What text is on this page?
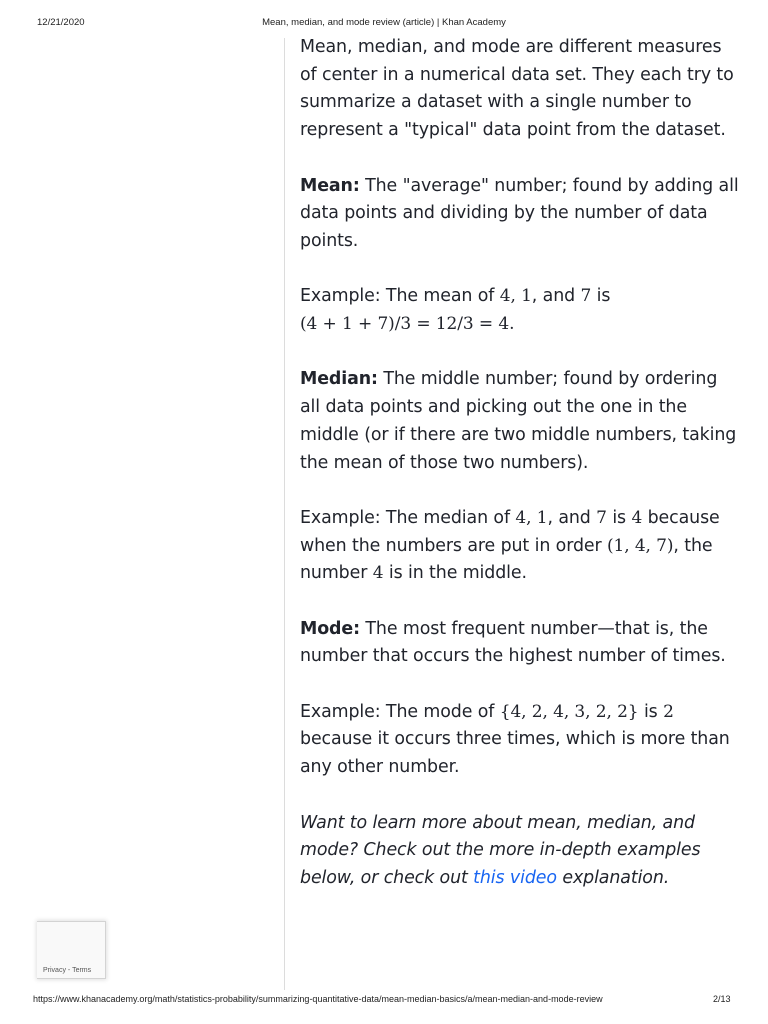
12/21/2020	Mean, median, and mode review (article) | Khan Academy

Mean, median, and mode are different measures of center in a numerical data set. They each try to summarize a dataset with a single number to represent a "typical" data point from the dataset.

Mean: The "average" number; found by adding all data points and dividing by the number of data points.

Example: The mean of 4, 1, and 7 is
(4 + 1 + 7)/3 = 12/3 = 4.

Median: The middle number; found by ordering all data points and picking out the one in the middle (or if there are two middle numbers, taking the mean of those two numbers).

Example: The median of 4, 1, and 7 is 4 because when the numbers are put in order (1, 4, 7), the number 4 is in the middle.

Mode: The most frequent number—that is, the number that occurs the highest number of times.

Example: The mode of {4, 2, 4, 3, 2, 2} is 2 because it occurs three times, which is more than any other number.

Want to learn more about mean, median, and mode? Check out the more in-depth examples below, or check out this video explanation.

Privacy - Terms
https://www.khanacademy.org/math/statistics-probability/summarizing-quantitative-data/mean-median-basics/a/mean-median-and-mode-review	2/13
